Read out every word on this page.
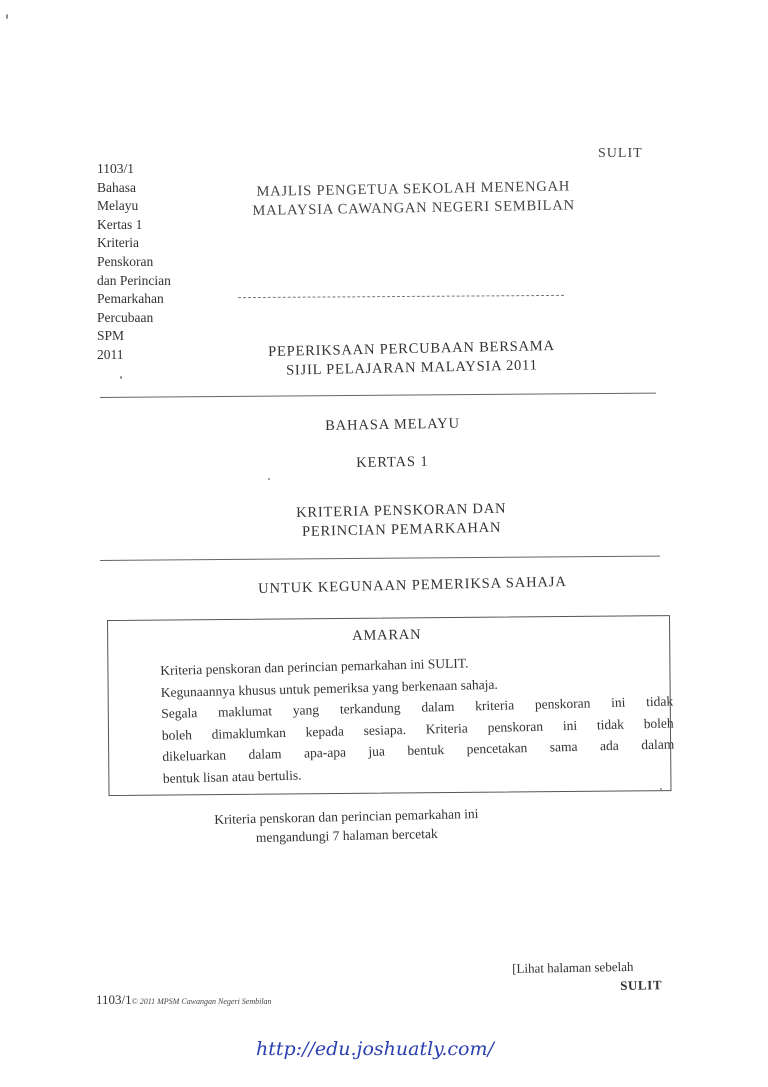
SULIT
1103/1
Bahasa
Melayu
Kertas 1
Kriteria
Penskoran
dan Perincian
Pemarkahan
Percubaan
SPM
2011
MAJLIS PENGETUA SEKOLAH MENENGAH
MALAYSIA CAWANGAN NEGERI SEMBILAN
PEPERIKSAAN PERCUBAAN BERSAMA
SIJIL PELAJARAN MALAYSIA 2011
BAHASA MELAYU
KERTAS 1
KRITERIA PENSKORAN DAN
PERINCIAN PEMARKAHAN
UNTUK KEGUNAAN PEMERIKSA SAHAJA
AMARAN
Kriteria penskoran dan perincian pemarkahan ini SULIT.
Kegunaannya khusus untuk pemeriksa yang berkenaan sahaja.
Segala maklumat yang terkandung dalam kriteria penskoran ini tidak
boleh dimaklumkan kepada sesiapa. Kriteria penskoran ini tidak boleh
dikeluarkan dalam apa-apa jua bentuk pencetakan sama ada dalam
bentuk lisan atau bertulis.
Kriteria penskoran dan perincian pemarkahan ini
mengandungi 7 halaman bercetak
[Lihat halaman sebelah
SULIT
1103/1© 2011 MPSM Cawangan Negeri Sembilan
http://edu.joshuatly.com/
